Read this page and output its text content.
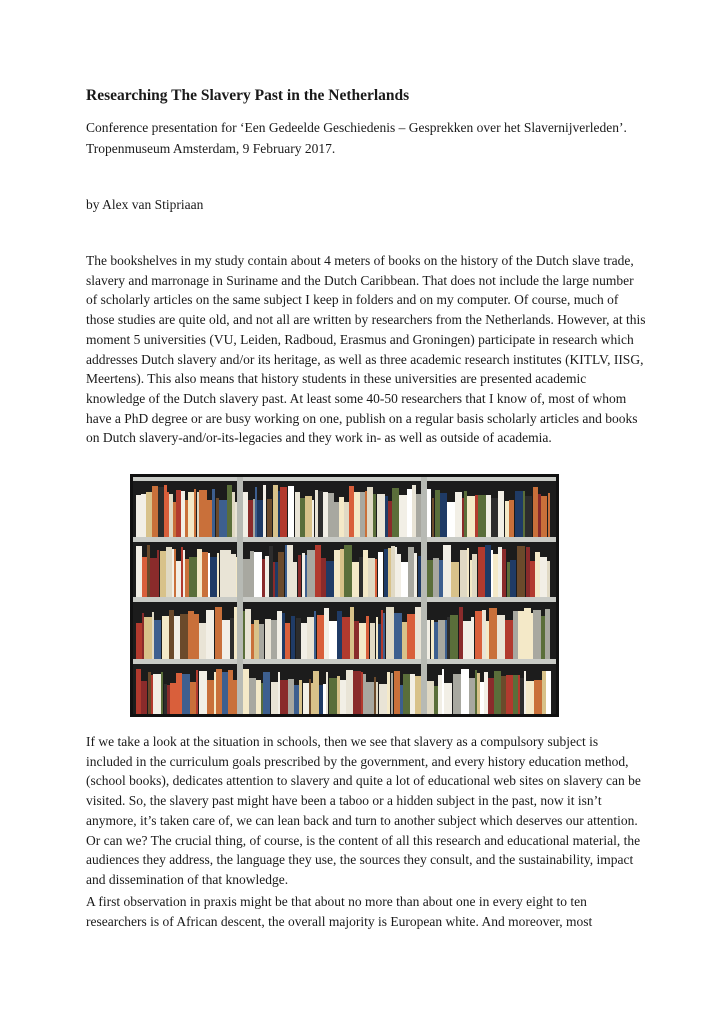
Researching The Slavery Past in the Netherlands

Conference presentation for ‘Een Gedeelde Geschiedenis – Gesprekken over het Slavernijverleden’. Tropenmuseum Amsterdam, 9 February 2017.

by Alex van Stipriaan

The bookshelves in my study contain about 4 meters of books on the history of the Dutch slave trade, slavery and marronage in Suriname and the Dutch Caribbean. That does not include the large number of scholarly articles on the same subject I keep in folders and on my computer. Of course, much of those studies are quite old, and not all are written by researchers from the Netherlands. However, at this moment 5 universities (VU, Leiden, Radboud, Erasmus and Groningen) participate in research which addresses Dutch slavery and/or its heritage, as well as three academic research institutes (KITLV, IISG, Meertens). This also means that history students in these universities are presented academic knowledge of the Dutch slavery past. At least some 40-50 researchers that I know of, most of whom have a PhD degree or are busy working on one, publish on a regular basis scholarly articles and books on Dutch slavery-and/or-its-legacies and they work in- as well as outside of academia.

If we take a look at the situation in schools, then we see that slavery as a compulsory subject is included in the curriculum goals prescribed by the government, and every history education method, (school books), dedicates attention to slavery and quite a lot of educational web sites on slavery can be visited. So, the slavery past might have been a taboo or a hidden subject in the past, now it isn’t anymore, it’s taken care of, we can lean back and turn to another subject which deserves our attention. Or can we? The crucial thing, of course, is the content of all this research and educational material, the audiences they address, the language they use, the sources they consult, and the sustainability, impact and dissemination of that knowledge.

A first observation in praxis might be that about no more than about one in every eight to ten researchers is of African descent, the overall majority is European white. And moreover, most
